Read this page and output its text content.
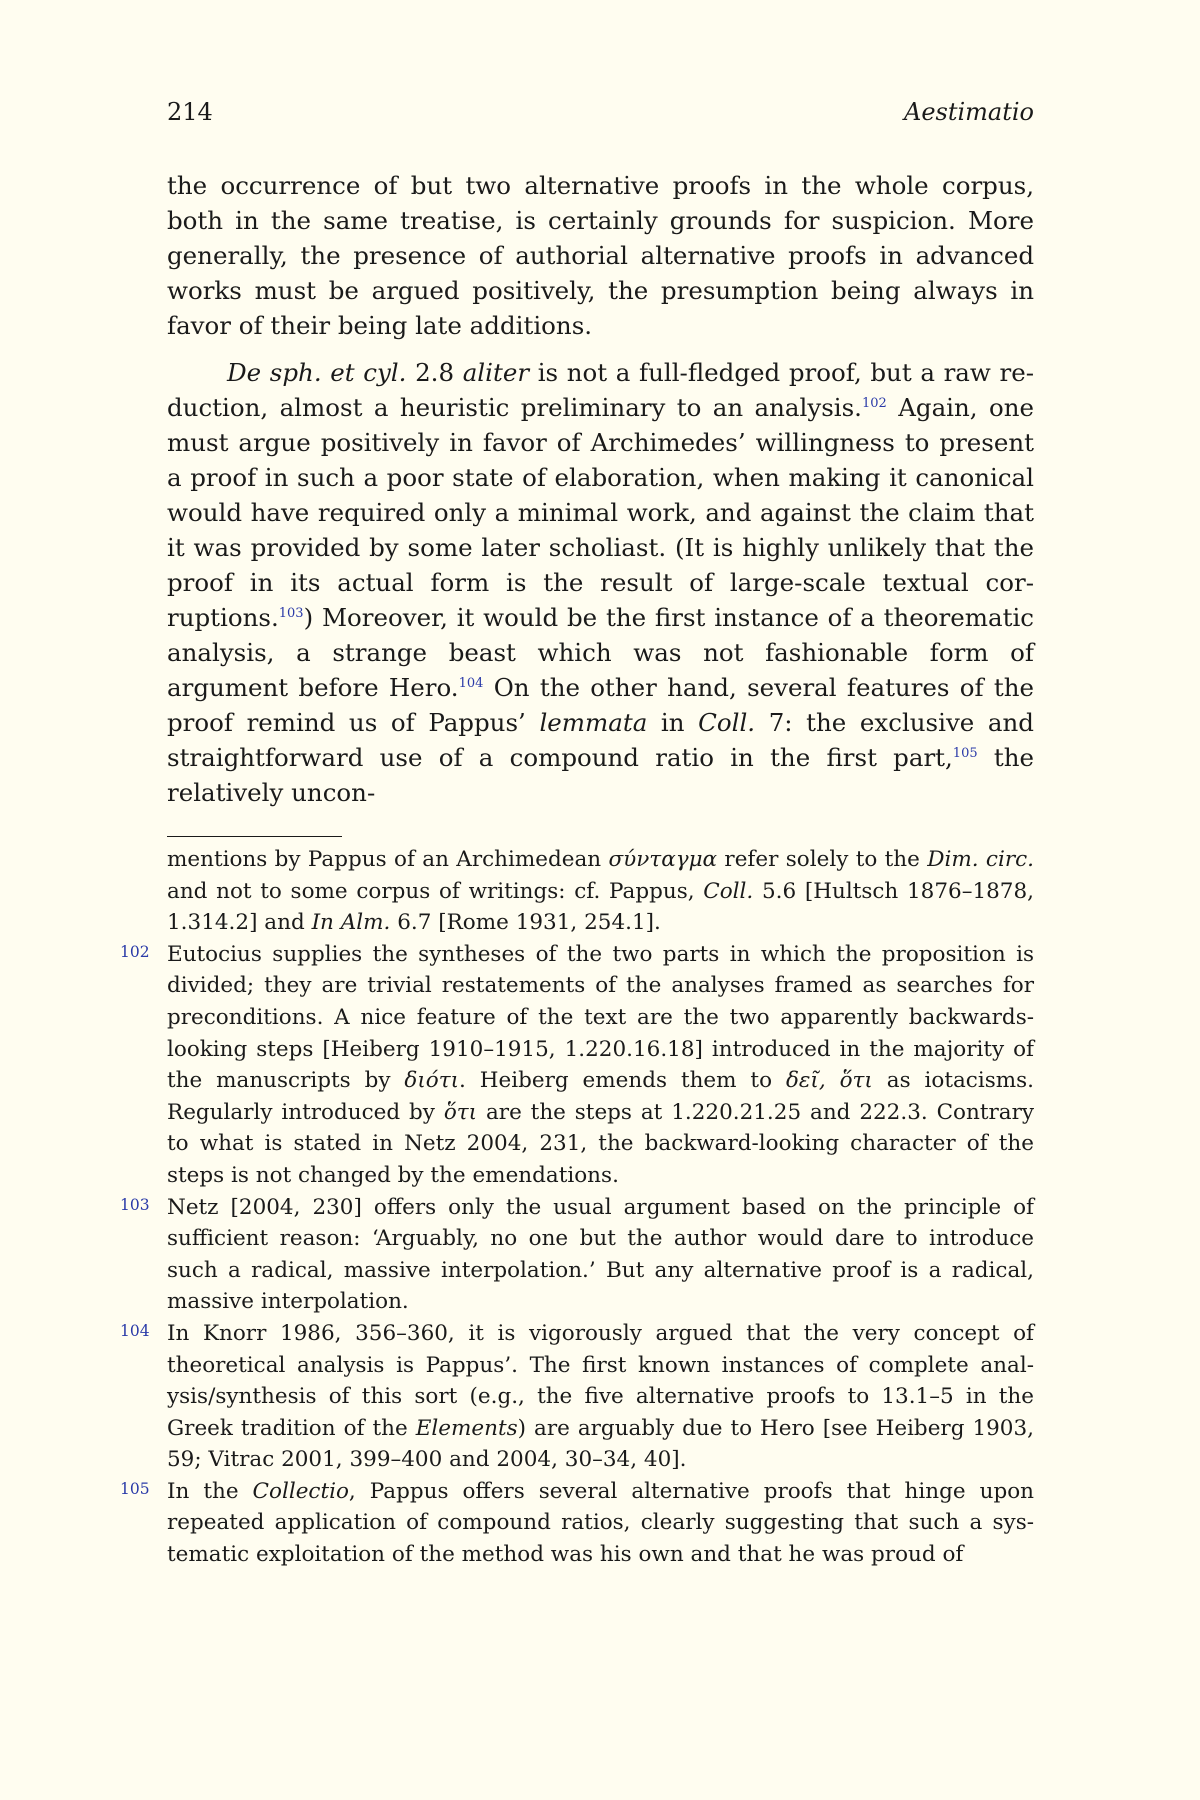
214	Aestimatio

the occurrence of but two alternative proofs in the whole corpus, both in the same treatise, is certainly grounds for suspicion. More generally, the presence of authorial alternative proofs in advanced works must be argued positively, the presumption being always in favor of their being late additions.

De sph. et cyl. 2.8 aliter is not a full-fledged proof, but a raw reduction, almost a heuristic preliminary to an analysis.$^{102}$ Again, one must argue positively in favor of Archimedes’ willingness to present a proof in such a poor state of elaboration, when making it canonical would have required only a minimal work, and against the claim that it was provided by some later scholiast. (It is highly unlikely that the proof in its actual form is the result of large-scale textual corruptions.$^{103}$) Moreover, it would be the first instance of a theorematic analysis, a strange beast which was not fashionable form of argument before Hero.$^{104}$ On the other hand, several features of the proof remind us of Pappus’ lemmata in Coll. 7: the exclusive and straightforward use of a compound ratio in the first part,$^{105}$ the relatively uncon-

mentions by Pappus of an Archimedean σύνταγμα refer solely to the Dim. circ. and not to some corpus of writings: cf. Pappus, Coll. 5.6 [Hultsch 1876–1878, 1.314.2] and In Alm. 6.7 [Rome 1931, 254.1].

102 Eutocius supplies the syntheses of the two parts in which the proposition is divided; they are trivial restatements of the analyses framed as searches for preconditions. A nice feature of the text are the two apparently backwards-looking steps [Heiberg 1910–1915, 1.220.16.18] introduced in the majority of the manuscripts by διότι. Heiberg emends them to δεῖ, ὅτι as iotacisms. Regularly introduced by ὅτι are the steps at 1.220.21.25 and 222.3. Contrary to what is stated in Netz 2004, 231, the backward-looking character of the steps is not changed by the emendations.

103 Netz [2004, 230] offers only the usual argument based on the principle of sufficient reason: ‘Arguably, no one but the author would dare to introduce such a radical, massive interpolation.’ But any alternative proof is a radical, massive interpolation.

104 In Knorr 1986, 356–360, it is vigorously argued that the very concept of theoretical analysis is Pappus’. The first known instances of complete analysis/synthesis of this sort (e.g., the five alternative proofs to 13.1–5 in the Greek tradition of the Elements) are arguably due to Hero [see Heiberg 1903, 59; Vitrac 2001, 399–400 and 2004, 30–34, 40].

105 In the Collectio, Pappus offers several alternative proofs that hinge upon repeated application of compound ratios, clearly suggesting that such a systematic exploitation of the method was his own and that he was proud of
